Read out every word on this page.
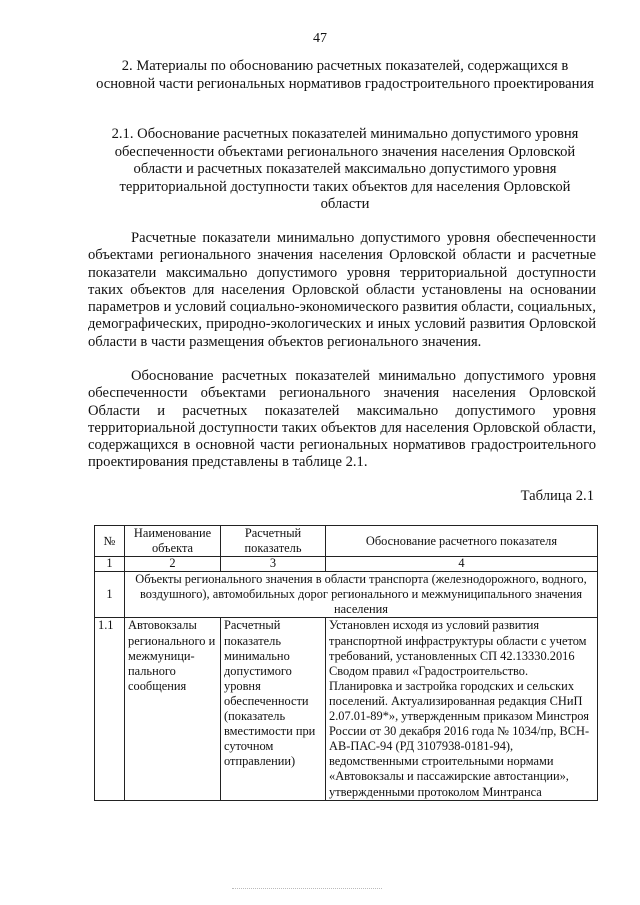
47
2. Материалы по обоснованию расчетных показателей, содержащихся в основной части региональных нормативов градостроительного проектирования
2.1. Обоснование расчетных показателей минимально допустимого уровня обеспеченности объектами регионального значения населения Орловской области и расчетных показателей максимально допустимого уровня территориальной доступности таких объектов для населения Орловской области

Расчетные показатели минимально допустимого уровня обеспеченности объектами регионального значения населения Орловской области и расчетные показатели максимально допустимого уровня территориальной доступности таких объектов для населения Орловской области установлены на основании параметров и условий социально-экономического развития области, социальных, демографических, природно-экологических и иных условий развития Орловской области в части размещения объектов регионального значения.

Обоснование расчетных показателей минимально допустимого уровня обеспеченности объектами регионального значения населения Орловской Области и расчетных показателей максимально допустимого уровня территориальной доступности таких объектов для населения Орловской области, содержащихся в основной части региональных нормативов градостроительного проектирования представлены в таблице 2.1.

Таблица 2.1
№	Наименование объекта	Расчетный показатель	Обоснование расчетного показателя
1	2	3	4
1	Объекты регионального значения в области транспорта (железнодорожного, водного, воздушного), автомобильных дорог регионального и межмуниципального значения населения		
1.1	Автовокзалы регионального и межмуници-пального сообщения	Расчетный показатель минимально допустимого уровня обеспеченности (показатель вместимости при суточном отправлении)	Установлен исходя из условий развития транспортной инфраструктуры области с учетом требований, установленных СП 42.13330.2016 Сводом правил «Градостроительство. Планировка и застройка городских и сельских поселений. Актуализированная редакция СНиП 2.07.01-89*», утвержденным приказом Минстроя России от 30 декабря 2016 года № 1034/пр, ВСН-АВ-ПАС-94 (РД 3107938-0181-94), ведомственными строительными нормами «Автовокзалы и пассажирские автостанции», утвержденными протоколом Минтранса
